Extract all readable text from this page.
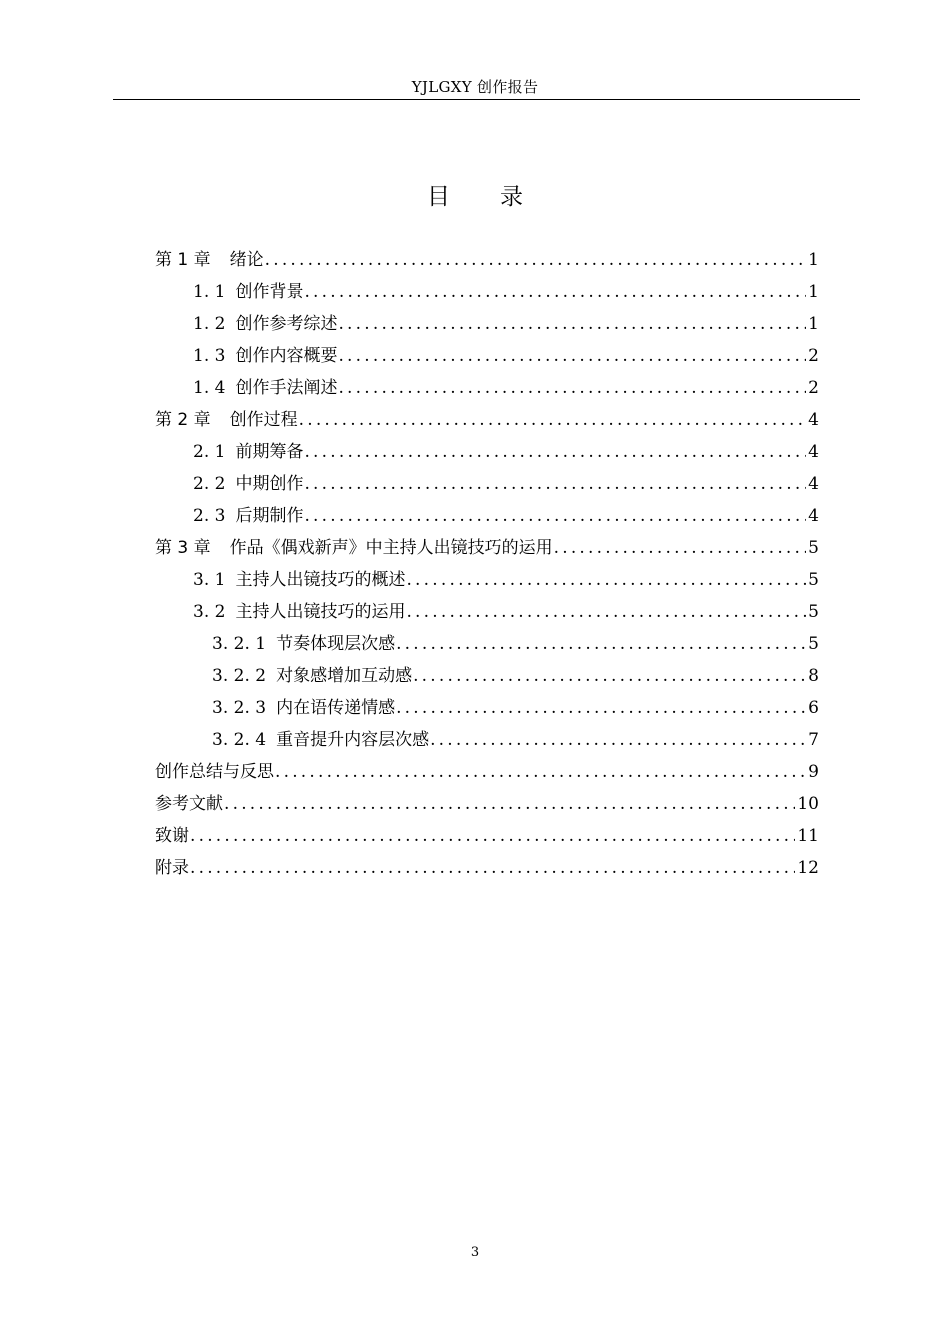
YJLGXY 创作报告
目 录
第 1 章 绪论 .....	1
1. 1 创作背景 .....	1
1. 2 创作参考综述 .....	1
1. 3 创作内容概要 .....	2
1. 4 创作手法阐述 .....	2
第 2 章 创作过程 .....	4
2. 1 前期筹备 .....	4
2. 2 中期创作 .....	4
2. 3 后期制作 .....	4
第 3 章 作品《偶戏新声》中主持人出镜技巧的运用 .....	5
3. 1 主持人出镜技巧的概述 .....	5
3. 2 主持人出镜技巧的运用 .....	5
3. 2. 1 节奏体现层次感 .....	5
3. 2. 2 对象感增加互动感 .....	8
3. 2. 3 内在语传递情感 .....	6
3. 2. 4 重音提升内容层次感 .....	7
创作总结与反思 .....	9
参考文献 .....	10
致谢 .....	11
附录 .....	12
3
